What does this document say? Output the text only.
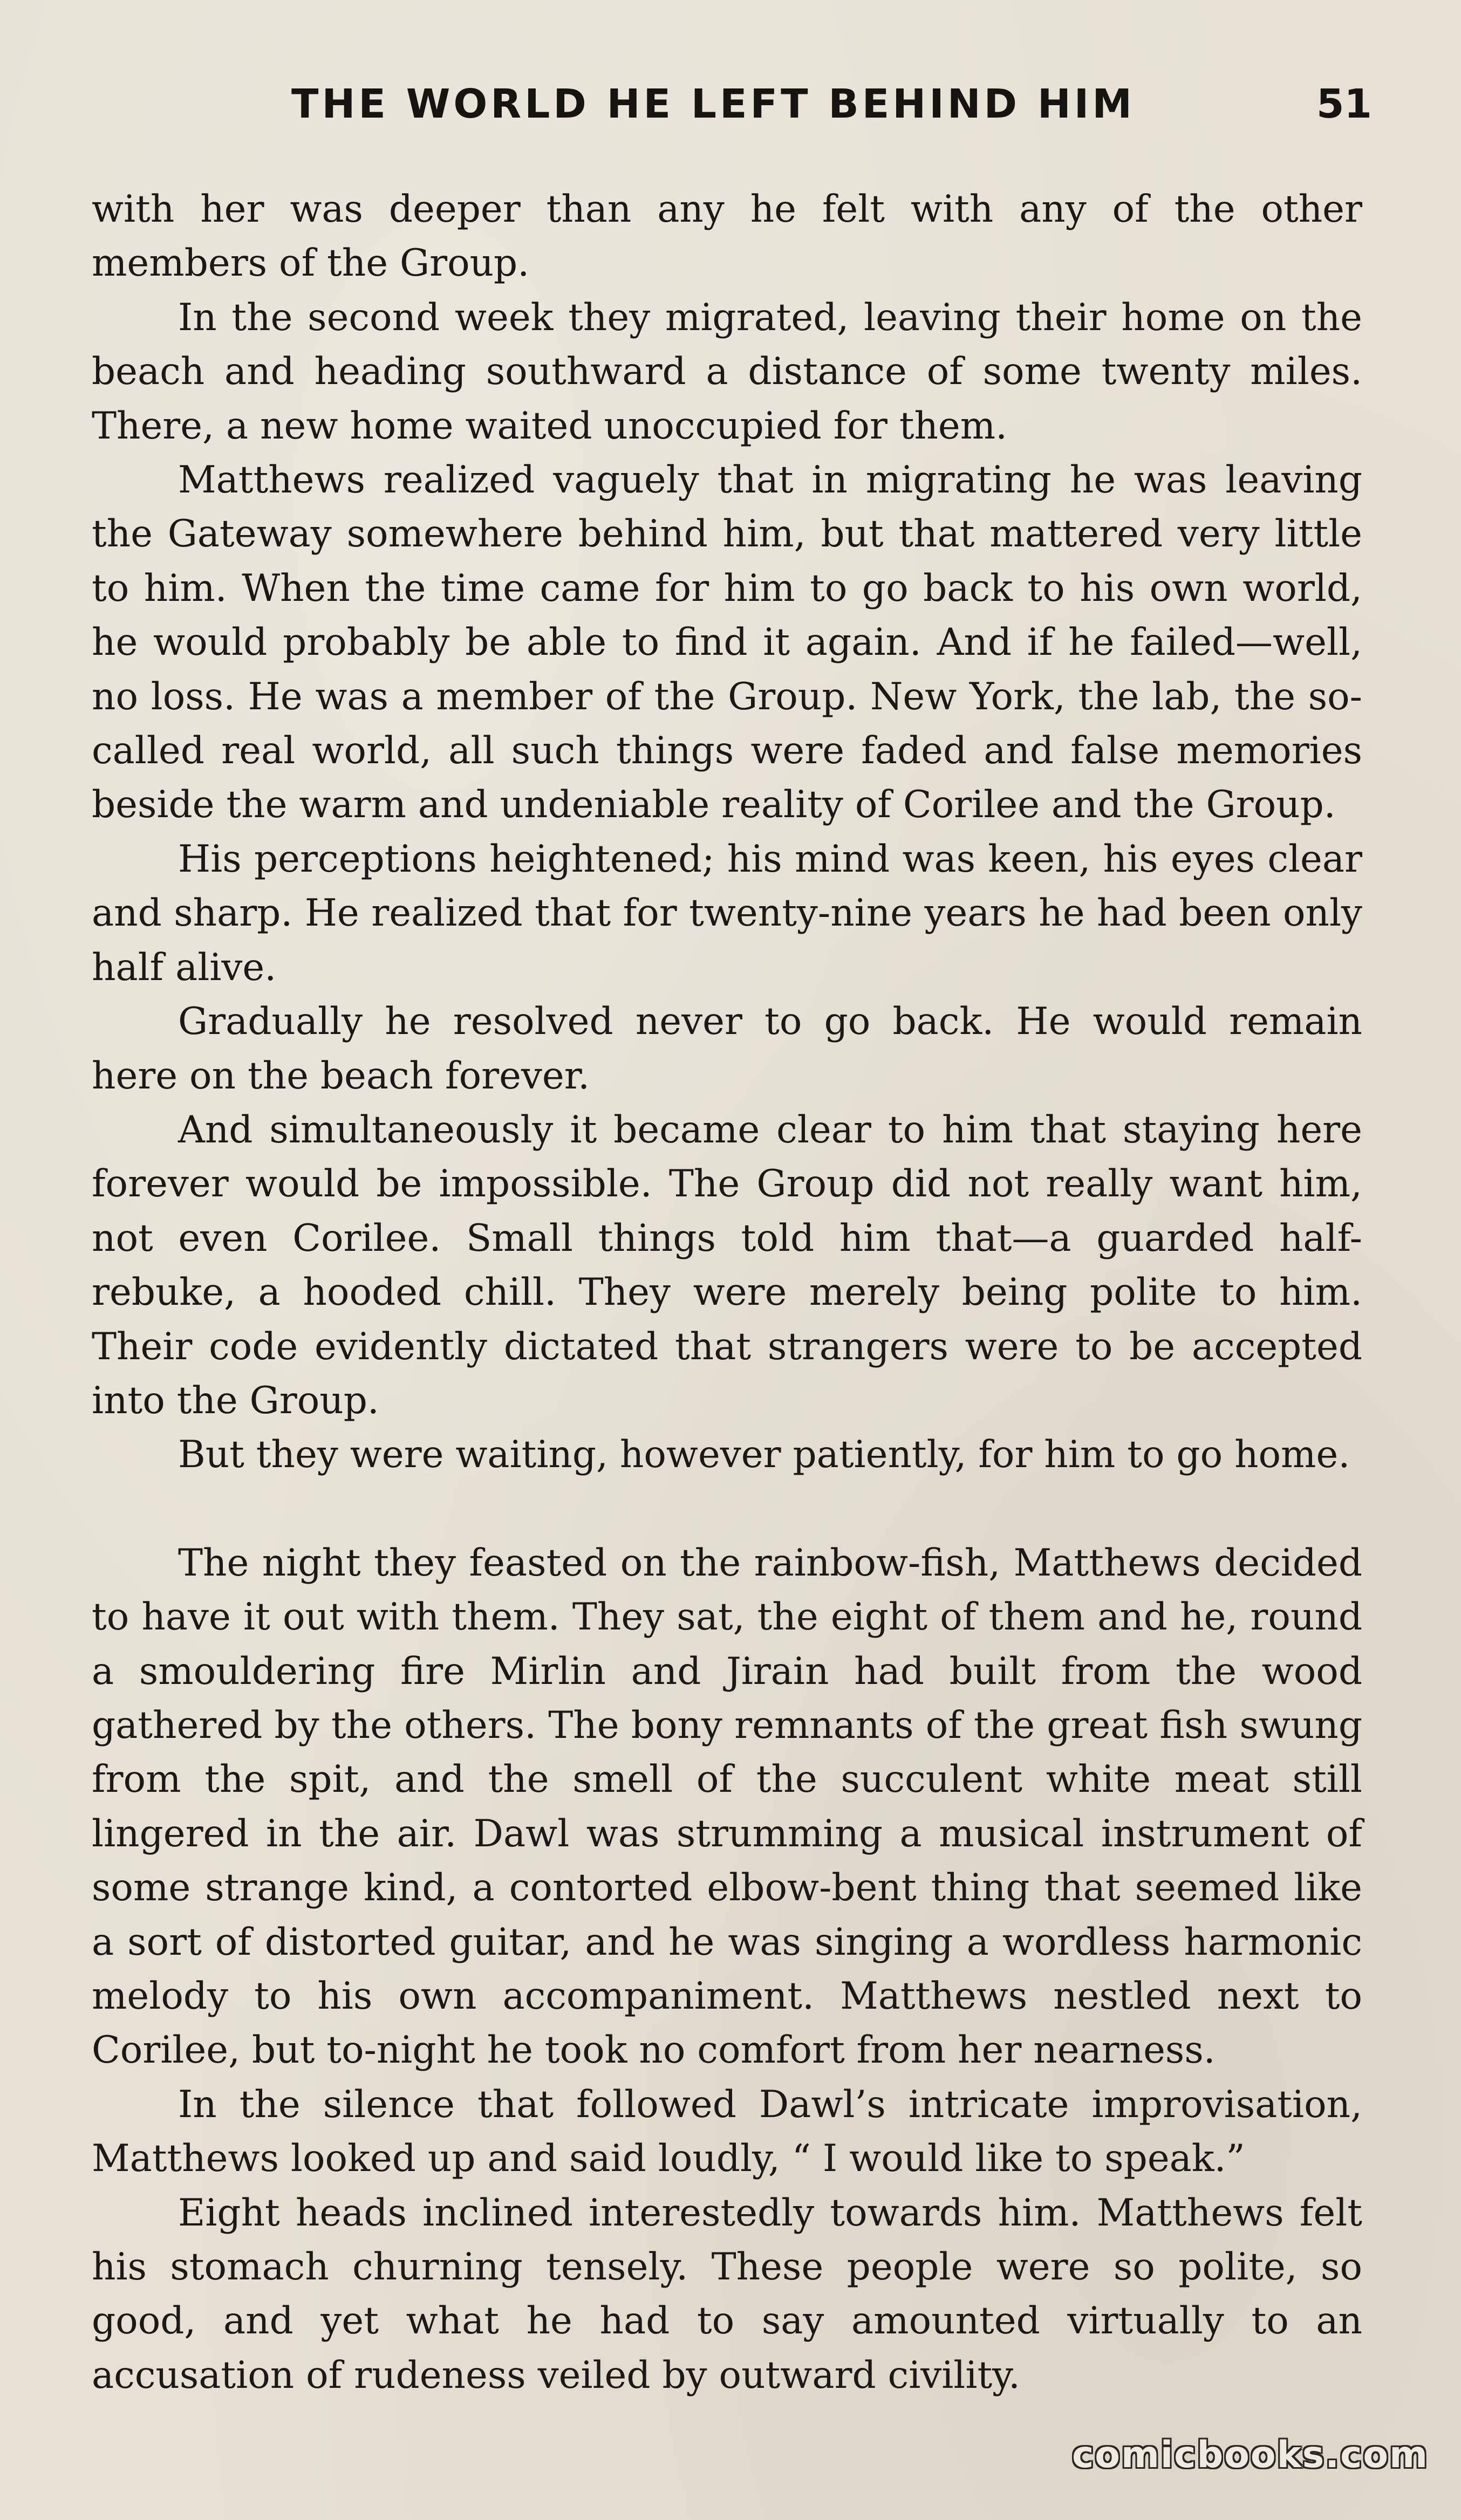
THE WORLD HE LEFT BEHIND HIM	51

with her was deeper than any he felt with any of the other members of the Group.

In the second week they migrated, leaving their home on the beach and heading southward a distance of some twenty miles. There, a new home waited unoccupied for them.

Matthews realized vaguely that in migrating he was leaving the Gateway somewhere behind him, but that mattered very little to him. When the time came for him to go back to his own world, he would probably be able to find it again. And if he failed—well, no loss. He was a member of the Group. New York, the lab, the so-called real world, all such things were faded and false memories beside the warm and undeniable reality of Corilee and the Group.

His perceptions heightened; his mind was keen, his eyes clear and sharp. He realized that for twenty-nine years he had been only half alive.

Gradually he resolved never to go back. He would remain here on the beach forever.

And simultaneously it became clear to him that staying here forever would be impossible. The Group did not really want him, not even Corilee. Small things told him that—a guarded half-rebuke, a hooded chill. They were merely being polite to him. Their code evidently dictated that strangers were to be accepted into the Group.

But they were waiting, however patiently, for him to go home.

The night they feasted on the rainbow-fish, Matthews decided to have it out with them. They sat, the eight of them and he, round a smouldering fire Mirlin and Jirain had built from the wood gathered by the others. The bony remnants of the great fish swung from the spit, and the smell of the succulent white meat still lingered in the air. Dawl was strumming a musical instrument of some strange kind, a contorted elbow-bent thing that seemed like a sort of distorted guitar, and he was singing a wordless harmonic melody to his own accompaniment. Matthews nestled next to Corilee, but to-night he took no comfort from her nearness.

In the silence that followed Dawl’s intricate improvisation, Matthews looked up and said loudly, “ I would like to speak.”

Eight heads inclined interestedly towards him. Matthews felt his stomach churning tensely. These people were so polite, so good, and yet what he had to say amounted virtually to an accusation of rudeness veiled by outward civility.

comicbooks.com
